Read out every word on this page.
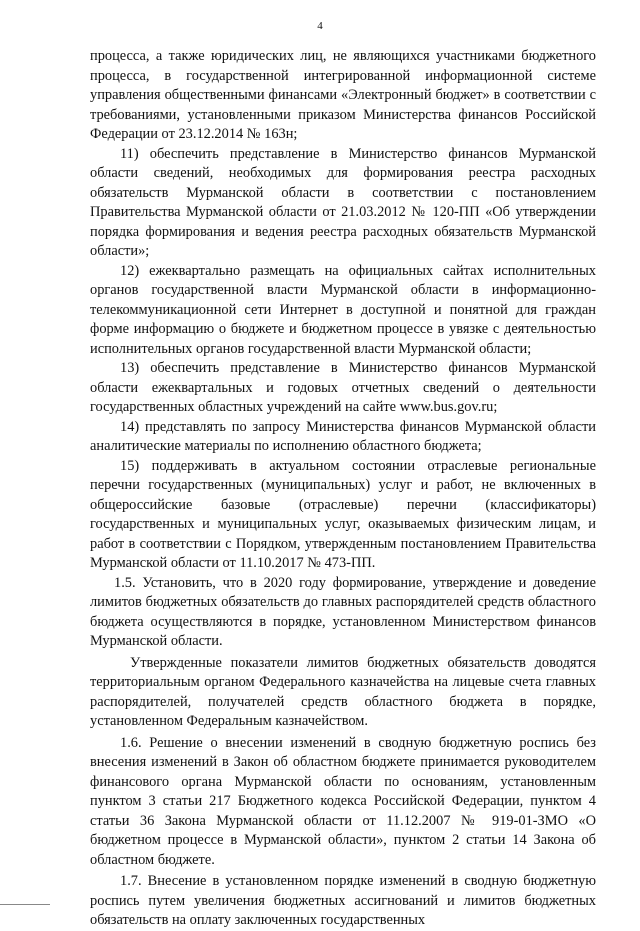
4

процесса, а также юридических лиц, не являющихся участниками бюджетного процесса, в государственной интегрированной информационной системе управления общественными финансами «Электронный бюджет» в соответствии с требованиями, установленными приказом Министерства финансов Российской Федерации от 23.12.2014 № 163н;

11) обеспечить представление в Министерство финансов Мурманской области сведений, необходимых для формирования реестра расходных обязательств Мурманской области в соответствии с постановлением Правительства Мурманской области от 21.03.2012 № 120-ПП «Об утверждении порядка формирования и ведения реестра расходных обязательств Мурманской области»;

12) ежеквартально размещать на официальных сайтах исполнительных органов государственной власти Мурманской области в информационно-телекоммуникационной сети Интернет в доступной и понятной для граждан форме информацию о бюджете и бюджетном процессе в увязке с деятельностью исполнительных органов государственной власти Мурманской области;

13) обеспечить представление в Министерство финансов Мурманской области ежеквартальных и годовых отчетных сведений о деятельности государственных областных учреждений на сайте www.bus.gov.ru;

14) представлять по запросу Министерства финансов Мурманской области аналитические материалы по исполнению областного бюджета;

15) поддерживать в актуальном состоянии отраслевые региональные перечни государственных (муниципальных) услуг и работ, не включенных в общероссийские базовые (отраслевые) перечни (классификаторы) государственных и муниципальных услуг, оказываемых физическим лицам, и работ в соответствии с Порядком, утвержденным постановлением Правительства Мурманской области от 11.10.2017 № 473-ПП.

1.5. Установить, что в 2020 году формирование, утверждение и доведение лимитов бюджетных обязательств до главных распорядителей средств областного бюджета осуществляются в порядке, установленном Министерством финансов Мурманской области.

Утвержденные показатели лимитов бюджетных обязательств доводятся территориальным органом Федерального казначейства на лицевые счета главных распорядителей, получателей средств областного бюджета в порядке, установленном Федеральным казначейством.

1.6. Решение о внесении изменений в сводную бюджетную роспись без внесения изменений в Закон об областном бюджете принимается руководителем финансового органа Мурманской области по основаниям, установленным пунктом 3 статьи 217 Бюджетного кодекса Российской Федерации, пунктом 4 статьи 36 Закона Мурманской области от 11.12.2007 № 919-01-ЗМО «О бюджетном процессе в Мурманской области», пунктом 2 статьи 14 Закона об областном бюджете.

1.7. Внесение в установленном порядке изменений в сводную бюджетную роспись путем увеличения бюджетных ассигнований и лимитов бюджетных обязательств на оплату заключенных государственных
